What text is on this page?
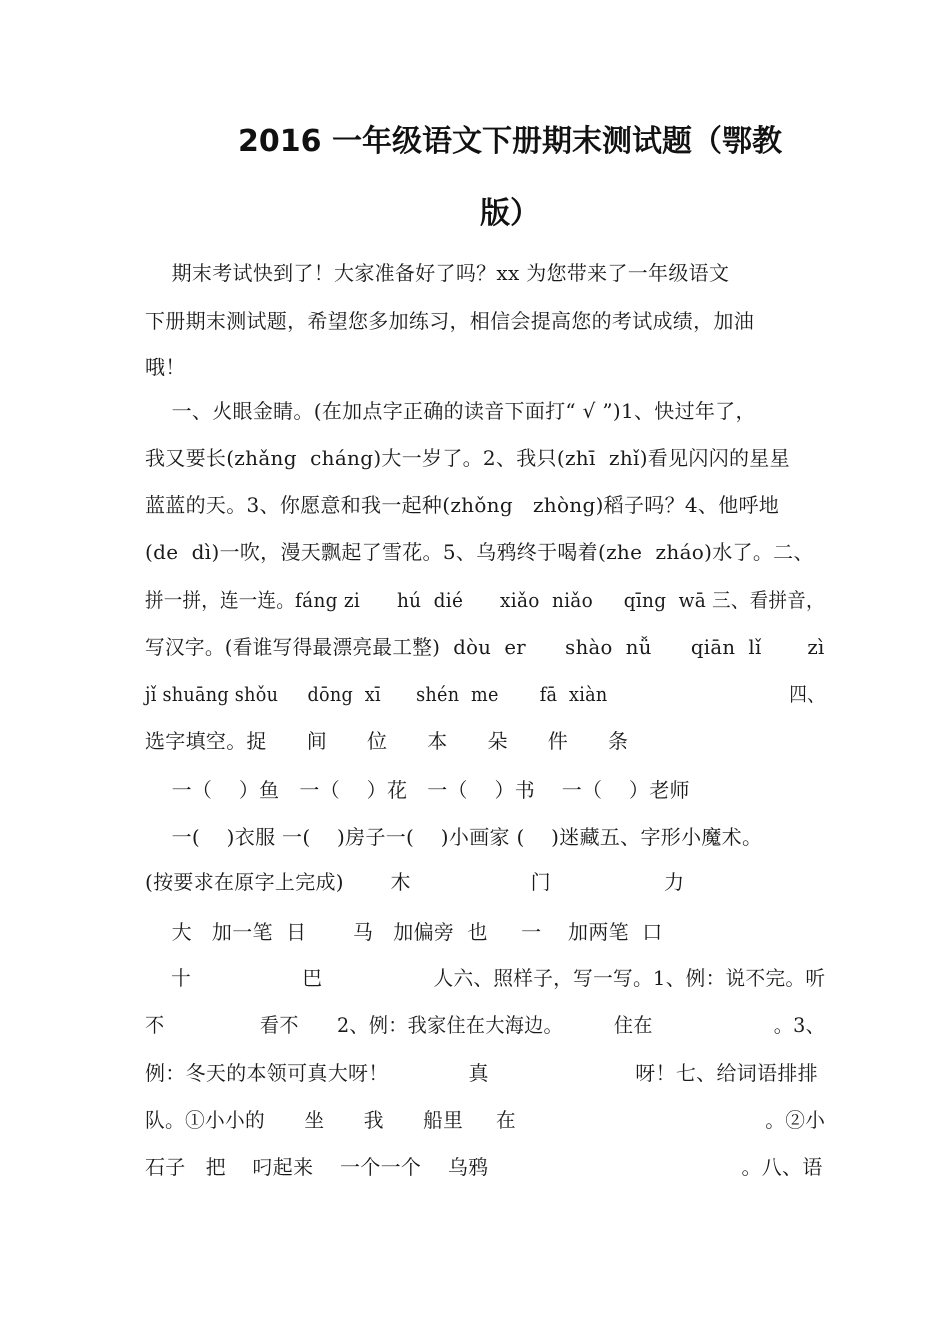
2016 一年级语文下册期末测试题（鄂教
版）
期末考试快到了！大家准备好了吗？xx 为您带来了一年级语文
下册期末测试题，希望您多加练习，相信会提高您的考试成绩，加油
哦！
一、火眼金睛。(在加点字正确的读音下面打“ √ ”)1、快过年了，
我又要长(zhǎng  cháng)大一岁了。2、我只(zhī  zhǐ)看见闪闪的星星
蓝蓝的天。3、你愿意和我一起种(zhǒng   zhòng)稻子吗？4、他呼地
(de  dì)一吹，漫天飘起了雪花。5、乌鸦终于喝着(zhe  zháo)水了。二、
拼一拼，连一连。fáng zi      hú  dié      xiǎo  niǎo     qīng  wā 三、看拼音，
写汉字。(看谁写得最漂亮最工整)  dòu  er      shào  nǚ      qiān  lǐ       zì
jǐ shuāng shǒu     dōng  xī      shén  me       fā  xiàn                               四、
选字填空。捉      间      位      本      朵      件      条
一（    ）鱼   一（    ）花   一（    ）书    一（    ）老师
一(    )衣服 一(    )房子一(    )小画家 (    )迷藏五、字形小魔术。
(按要求在原字上完成)       木                  门                 力
大   加一笔  日       马   加偏旁  也     一    加两笔  口
十                 巴                 人六、照样子，写一写。1、例：说不完。听
不               看不      2、例：我家住在大海边。        住在                   。3、
例：冬天的本领可真大呀！            真                      呀！七、给词语排排
队。①小小的      坐      我      船里     在                                      。②小
石子   把    叼起来    一个一个    乌鸦                                      。八、语
